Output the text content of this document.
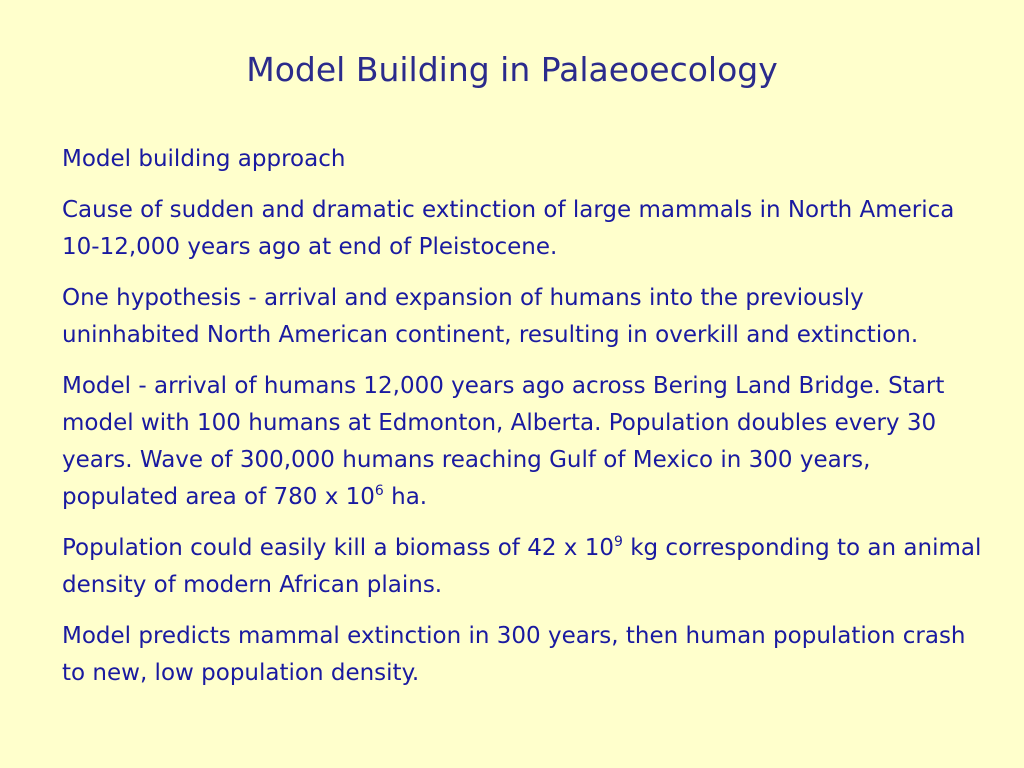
Model Building in Palaeoecology

Model building approach

Cause of sudden and dramatic extinction of large mammals in North America 10-12,000 years ago at end of Pleistocene.

One hypothesis - arrival and expansion of humans into the previously uninhabited North American continent, resulting in overkill and extinction.

Model - arrival of humans 12,000 years ago across Bering Land Bridge. Start model with 100 humans at Edmonton, Alberta. Population doubles every 30 years. Wave of 300,000 humans reaching Gulf of Mexico in 300 years, populated area of 780 x $10^6$ ha.

Population could easily kill a biomass of 42 x $10^9$ kg corresponding to an animal density of modern African plains.

Model predicts mammal extinction in 300 years, then human population crash to new, low population density.
